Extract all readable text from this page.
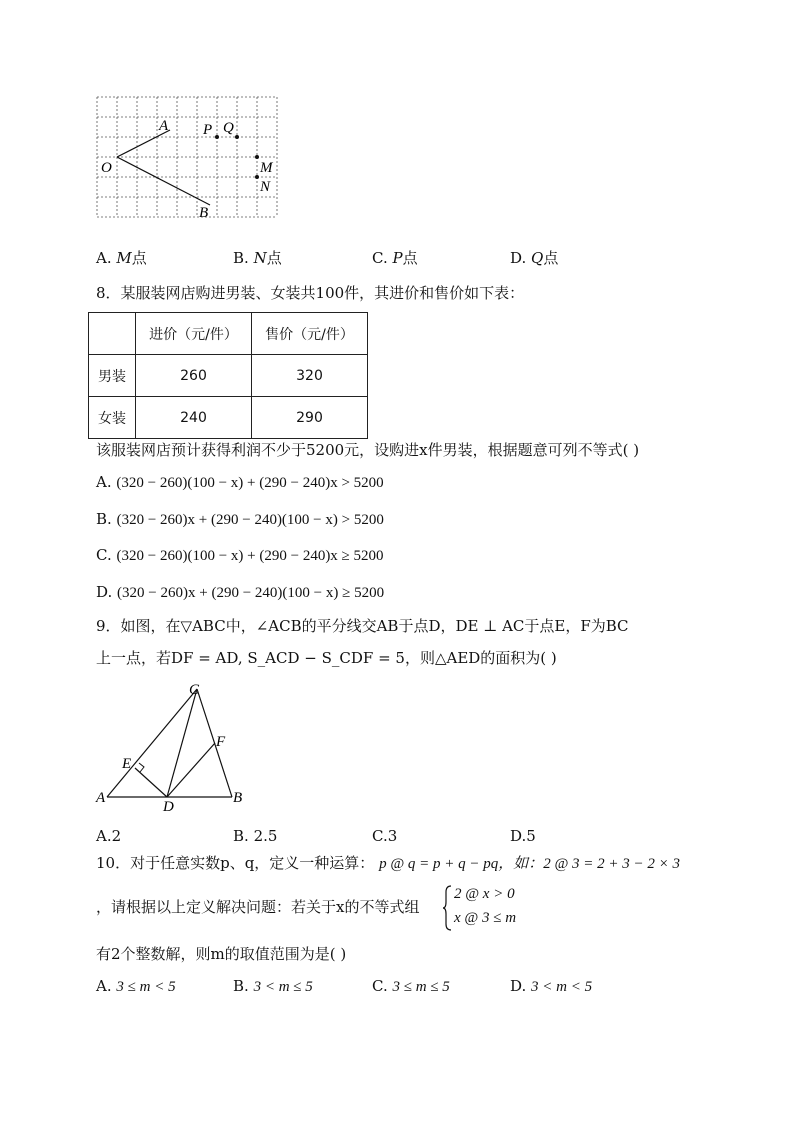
O
A
B
P Q
M
N
A. M点	B. N点	C. P点	D. Q点
8．某服装网店购进男装、女装共100件，其进价和售价如下表：
	进价（元/件）	售价（元/件）
男装	260	320
女装	240	290
该服装网店预计获得利润不少于5200元，设购进x件男装，根据题意可列不等式( )
A. (320 − 260)(100 − x) + (290 − 240)x > 5200
B. (320 − 260)x + (290 − 240)(100 − x) > 5200
C. (320 − 260)(100 − x) + (290 − 240)x ≥ 5200
D. (320 − 260)x + (290 − 240)(100 − x) ≥ 5200
9．如图，在▽ABC中，∠ACB的平分线交AB于点D，DE ⊥ AC于点E，F为BC
上一点，若DF = AD, S_ACD − S_CDF = 5，则△AED的面积为( )
C
F
E
A
D
B
A.2	B. 2.5	C.3	D.5
10．对于任意实数p、q，定义一种运算： p @ q = p + q − pq，如：2 @ 3 = 2 + 3 − 2 × 3
，请根据以上定义解决问题：若关于x的不等式组
2 @ x > 0
x @ 3 ≤ m
有2个整数解，则m的取值范围为是( )
A. 3 ≤ m < 5	B. 3 < m ≤ 5	C. 3 ≤ m ≤ 5	D. 3 < m < 5
